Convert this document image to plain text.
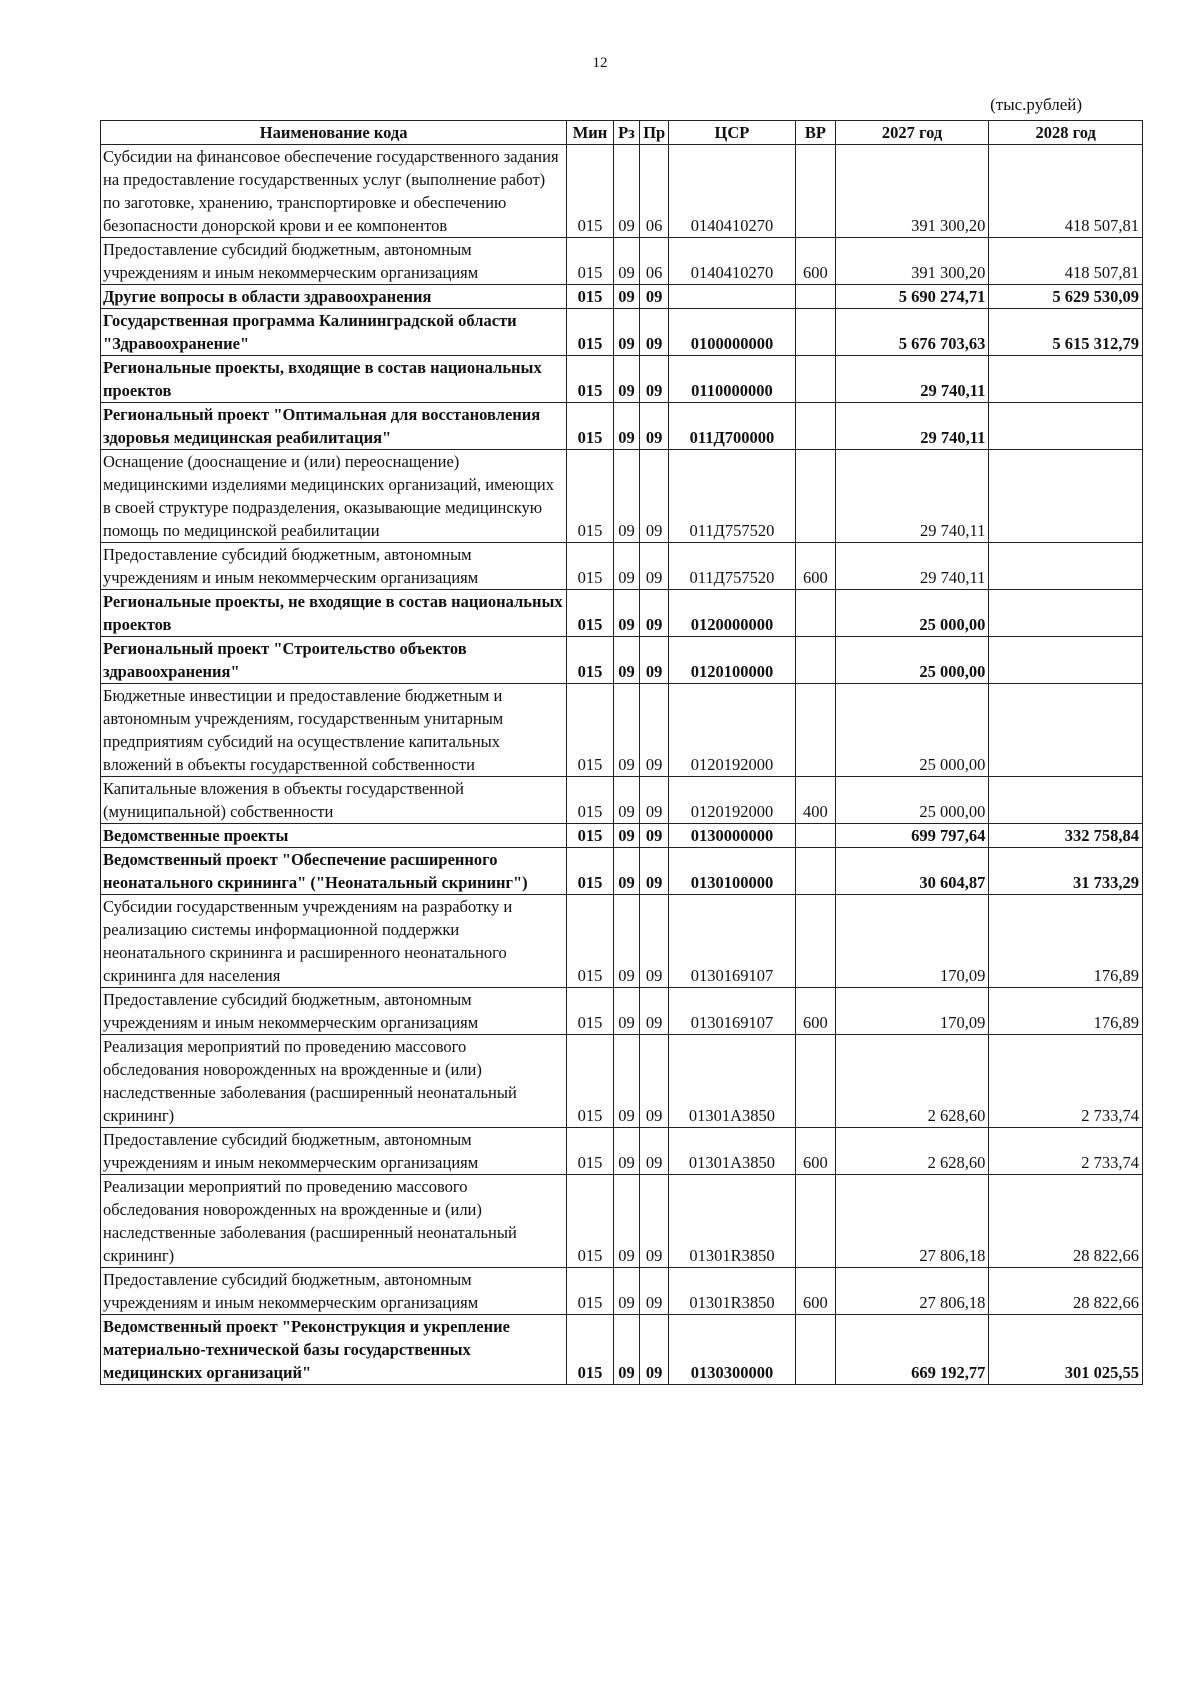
12
(тыс.рублей)
Наименование кода	Мин	Рз	Пр	ЦСР	ВР	2027 год	2028 год
Субсидии на финансовое обеспечение государственного задания на предоставление государственных услуг (выполнение работ) по заготовке, хранению, транспортировке и обеспечению безопасности донорской крови и ее компонентов	015	09	06	0140410270		391 300,20	418 507,81
Предоставление субсидий бюджетным, автономным учреждениям и иным некоммерческим организациям	015	09	06	0140410270	600	391 300,20	418 507,81
Другие вопросы в области здравоохранения	015	09	09			5 690 274,71	5 629 530,09
Государственная программа Калининградской области "Здравоохранение"	015	09	09	0100000000		5 676 703,63	5 615 312,79
Региональные проекты, входящие в состав национальных проектов	015	09	09	0110000000		29 740,11	
Региональный проект "Оптимальная для восстановления здоровья медицинская реабилитация"	015	09	09	011Д700000		29 740,11	
Оснащение (дооснащение и (или) переоснащение) медицинскими изделиями медицинских организаций, имеющих в своей структуре подразделения, оказывающие медицинскую помощь по медицинской реабилитации	015	09	09	011Д757520		29 740,11	
Предоставление субсидий бюджетным, автономным учреждениям и иным некоммерческим организациям	015	09	09	011Д757520	600	29 740,11	
Региональные проекты, не входящие в состав национальных проектов	015	09	09	0120000000		25 000,00	
Региональный проект "Строительство объектов здравоохранения"	015	09	09	0120100000		25 000,00	
Бюджетные инвестиции и предоставление бюджетным и автономным учреждениям, государственным унитарным предприятиям субсидий на осуществление капитальных вложений в объекты государственной собственности	015	09	09	0120192000		25 000,00	
Капитальные вложения в объекты государственной (муниципальной) собственности	015	09	09	0120192000	400	25 000,00	
Ведомственные проекты	015	09	09	0130000000		699 797,64	332 758,84
Ведомственный проект "Обеспечение расширенного неонатального скрининга" ("Неонатальный скрининг")	015	09	09	0130100000		30 604,87	31 733,29
Субсидии государственным учреждениям на разработку и реализацию системы информационной поддержки неонатального скрининга и расширенного неонатального скрининга для населения	015	09	09	0130169107		170,09	176,89
Предоставление субсидий бюджетным, автономным учреждениям и иным некоммерческим организациям	015	09	09	0130169107	600	170,09	176,89
Реализация мероприятий по проведению массового обследования новорожденных на врожденные и (или) наследственные заболевания (расширенный неонатальный скрининг)	015	09	09	01301А3850		2 628,60	2 733,74
Предоставление субсидий бюджетным, автономным учреждениям и иным некоммерческим организациям	015	09	09	01301А3850	600	2 628,60	2 733,74
Реализации мероприятий по проведению массового обследования новорожденных на врожденные и (или) наследственные заболевания (расширенный неонатальный скрининг)	015	09	09	01301R3850		27 806,18	28 822,66
Предоставление субсидий бюджетным, автономным учреждениям и иным некоммерческим организациям	015	09	09	01301R3850	600	27 806,18	28 822,66
Ведомственный проект "Реконструкция и укрепление материально-технической базы государственных медицинских организаций"	015	09	09	0130300000		669 192,77	301 025,55
